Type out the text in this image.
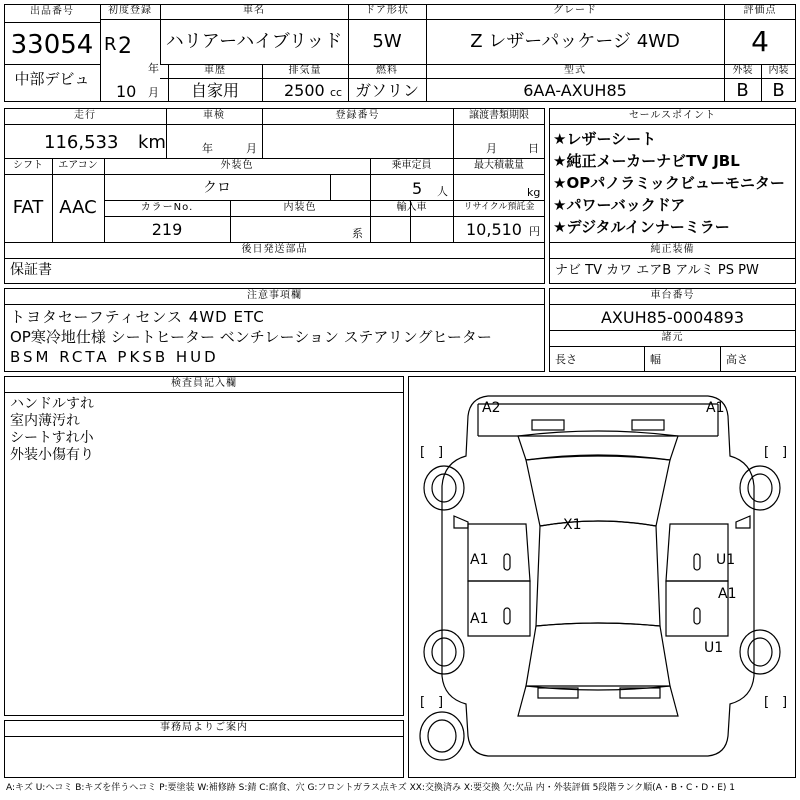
出品番号
33054
中部デビュ
初度登録
R 2
年
10 月
車名
ハリアーハイブリッド
車歴
自家用
排気量
2500 cc
ドア形状
5W
燃料
ガソリン
グレード
Z レザーパッケージ 4WD
型式
6AA-AXUH85
評価点
4
外装
B
内装
B
走行
116,533 km
車検
年	月
登録番号	譲渡書類期限
月	日
シフト
FAT
エアコン
AAC
外装色
クロ
乗車定員
5 人
最大積載量
kg
カラーNo.
219
内装色
系
輸入車	リサイクル預託金
10,510 円
後日発送部品
保証書
セールスポイント
★レザーシート
★純正メーカーナビTV JBL
★OPパノラミックビューモニター
★パワーバックドア
★デジタルインナーミラー
純正装備
ナビ TV カワ エアB アルミ PS PW
注意事項欄
トヨタセーフティセンス 4WD ETC
OP寒冷地仕様 シートヒーター ベンチレーション ステアリングヒーター
BSM RCTA PKSB HUD
車台番号
AXUH85-0004893
諸元
長さ	幅	高さ
検査員記入欄
ハンドルすれ
室内薄汚れ
シートすれ小
外装小傷有り
事務局よりご案内
[ ]	[ ]
[ ]	[ ]
A2	A1
X1
A1
A1
U1
A1
U1
A:キズ U:ヘコミ B:キズを伴うヘコミ P:要塗装 W:補修跡 S:錆 C:腐食、穴 G:フロントガラス点キズ XX:交換済み X:要交換 欠:欠品 内・外装評価 5段階ランク順(A・B・C・D・E) 1
